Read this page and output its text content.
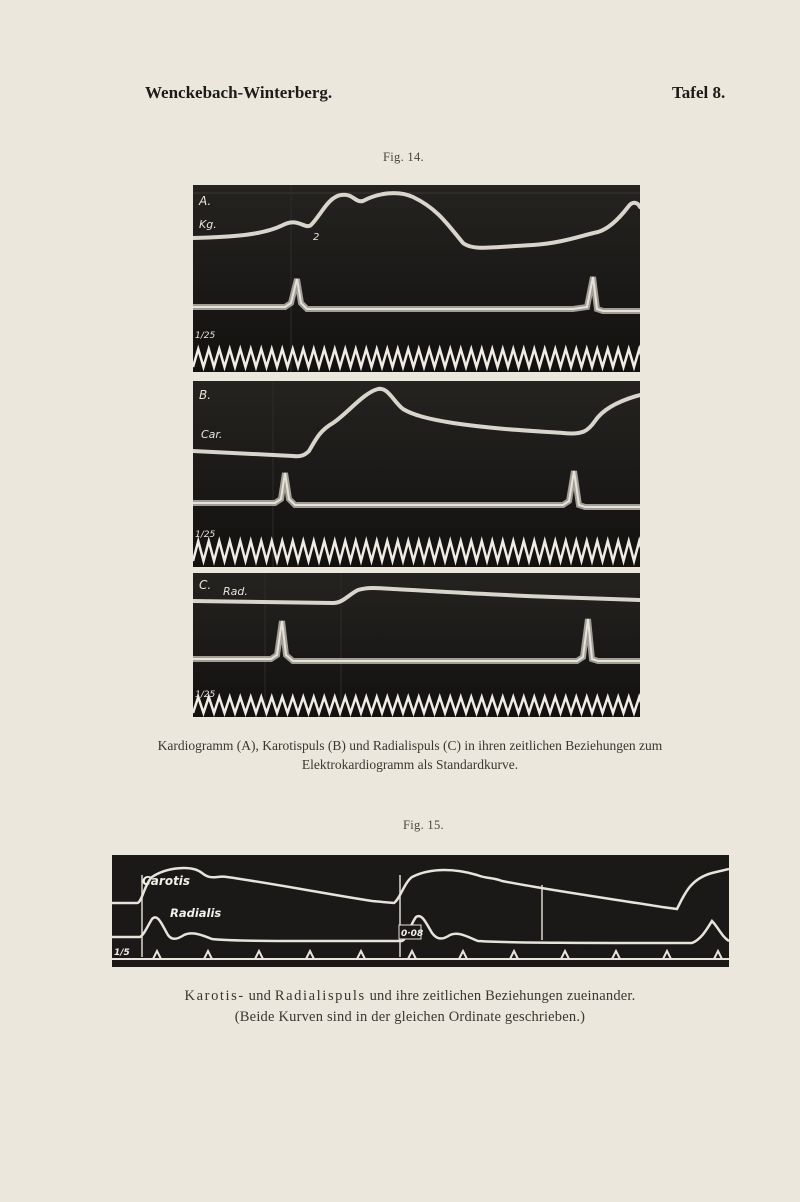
Wenckebach-Winterberg.	Tafel 8.
Fig. 14.
A.
Kg.
2
1/25
B.
Car.
1/25
C. Rad.
1/25
Kardiogramm (A), Karotispuls (B) und Radialispuls (C) in ihren zeitlichen Beziehungen zum
Elektrokardiogramm als Standardkurve.
Fig. 15.
Carotis
Radialis
0·08
1/5
Karotis- und Radialispuls und ihre zeitlichen Beziehungen zueinander.
(Beide Kurven sind in der gleichen Ordinate geschrieben.)
